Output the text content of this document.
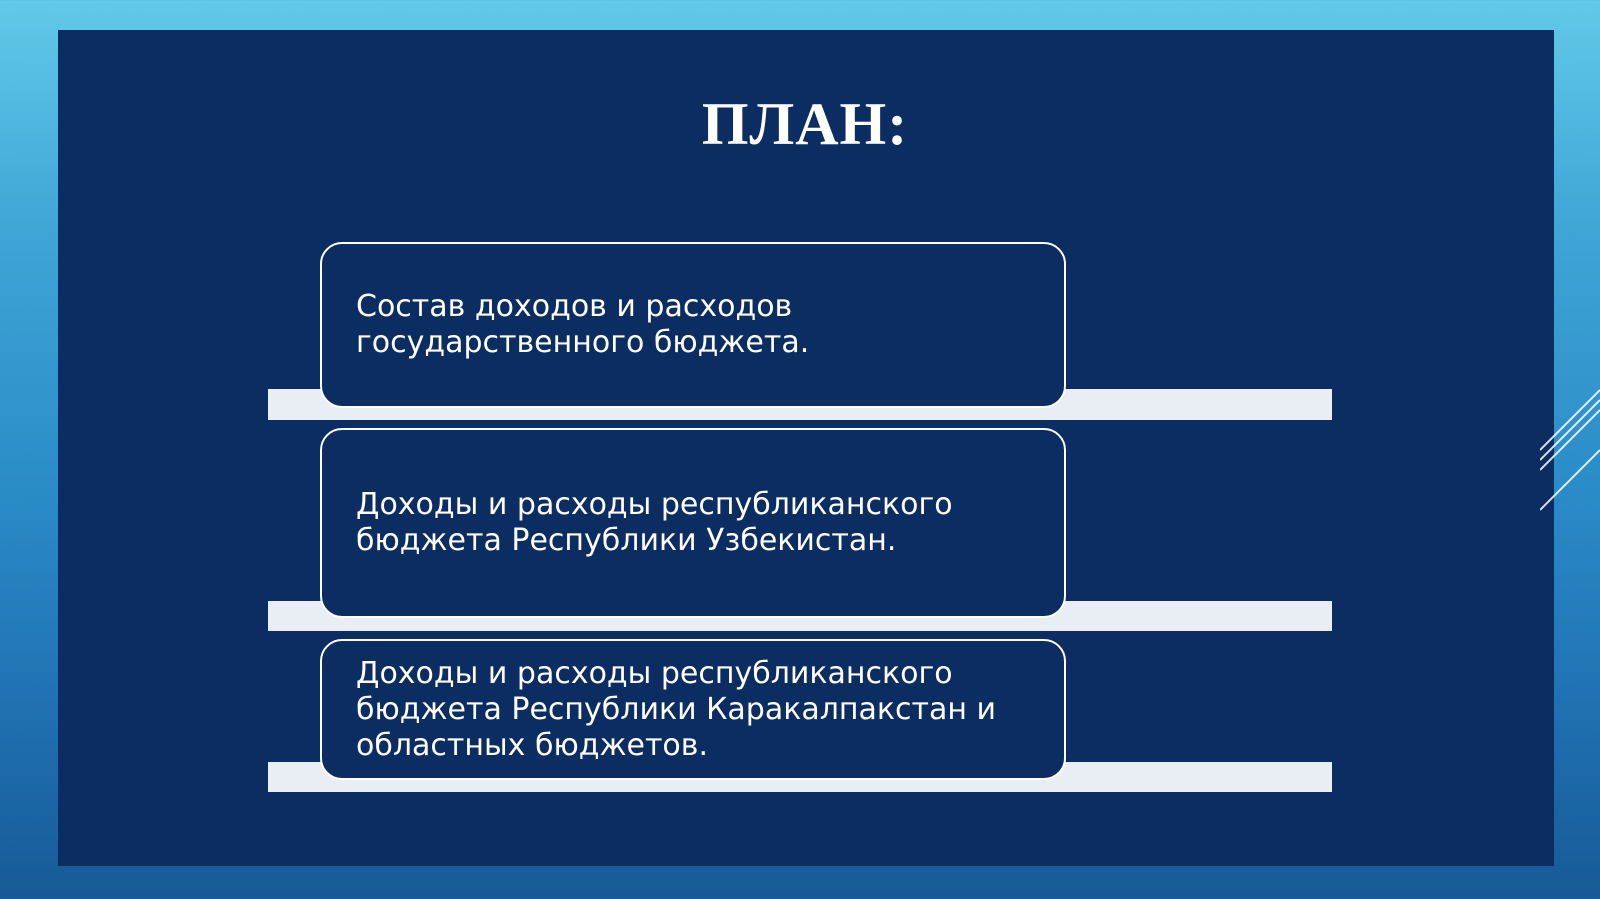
ПЛАН:
Состав доходов и расходов
государственного бюджета.
Доходы и расходы республиканского
бюджета Республики Узбекистан.
Доходы и расходы республиканского
бюджета Республики Каракалпакстан и
областных бюджетов.
